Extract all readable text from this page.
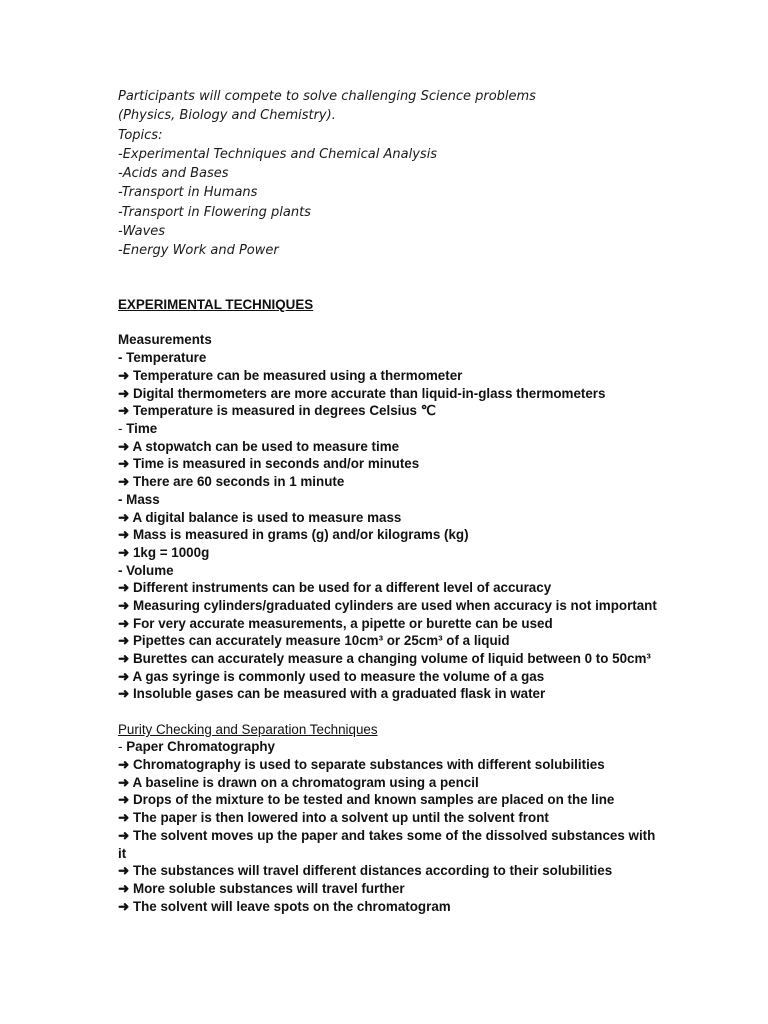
Participants will compete to solve challenging Science problems
(Physics, Biology and Chemistry).
Topics:
-Experimental Techniques and Chemical Analysis
-Acids and Bases
-Transport in Humans
-Transport in Flowering plants
-Waves
-Energy Work and Power
EXPERIMENTAL TECHNIQUES
Measurements
- Temperature
➜ Temperature can be measured using a thermometer
➜ Digital thermometers are more accurate than liquid-in-glass thermometers
➜ Temperature is measured in degrees Celsius ℃
- Time
➜ A stopwatch can be used to measure time
➜ Time is measured in seconds and/or minutes
➜ There are 60 seconds in 1 minute
- Mass
➜ A digital balance is used to measure mass
➜ Mass is measured in grams (g) and/or kilograms (kg)
➜ 1kg = 1000g
- Volume
➜ Different instruments can be used for a different level of accuracy
➜ Measuring cylinders/graduated cylinders are used when accuracy is not important
➜ For very accurate measurements, a pipette or burette can be used
➜ Pipettes can accurately measure 10cm³ or 25cm³ of a liquid
➜ Burettes can accurately measure a changing volume of liquid between 0 to 50cm³
➜ A gas syringe is commonly used to measure the volume of a gas
➜ Insoluble gases can be measured with a graduated flask in water
Purity Checking and Separation Techniques
- Paper Chromatography
➜ Chromatography is used to separate substances with different solubilities
➜ A baseline is drawn on a chromatogram using a pencil
➜ Drops of the mixture to be tested and known samples are placed on the line
➜ The paper is then lowered into a solvent up until the solvent front
➜ The solvent moves up the paper and takes some of the dissolved substances with
it
➜ The substances will travel different distances according to their solubilities
➜ More soluble substances will travel further
➜ The solvent will leave spots on the chromatogram
